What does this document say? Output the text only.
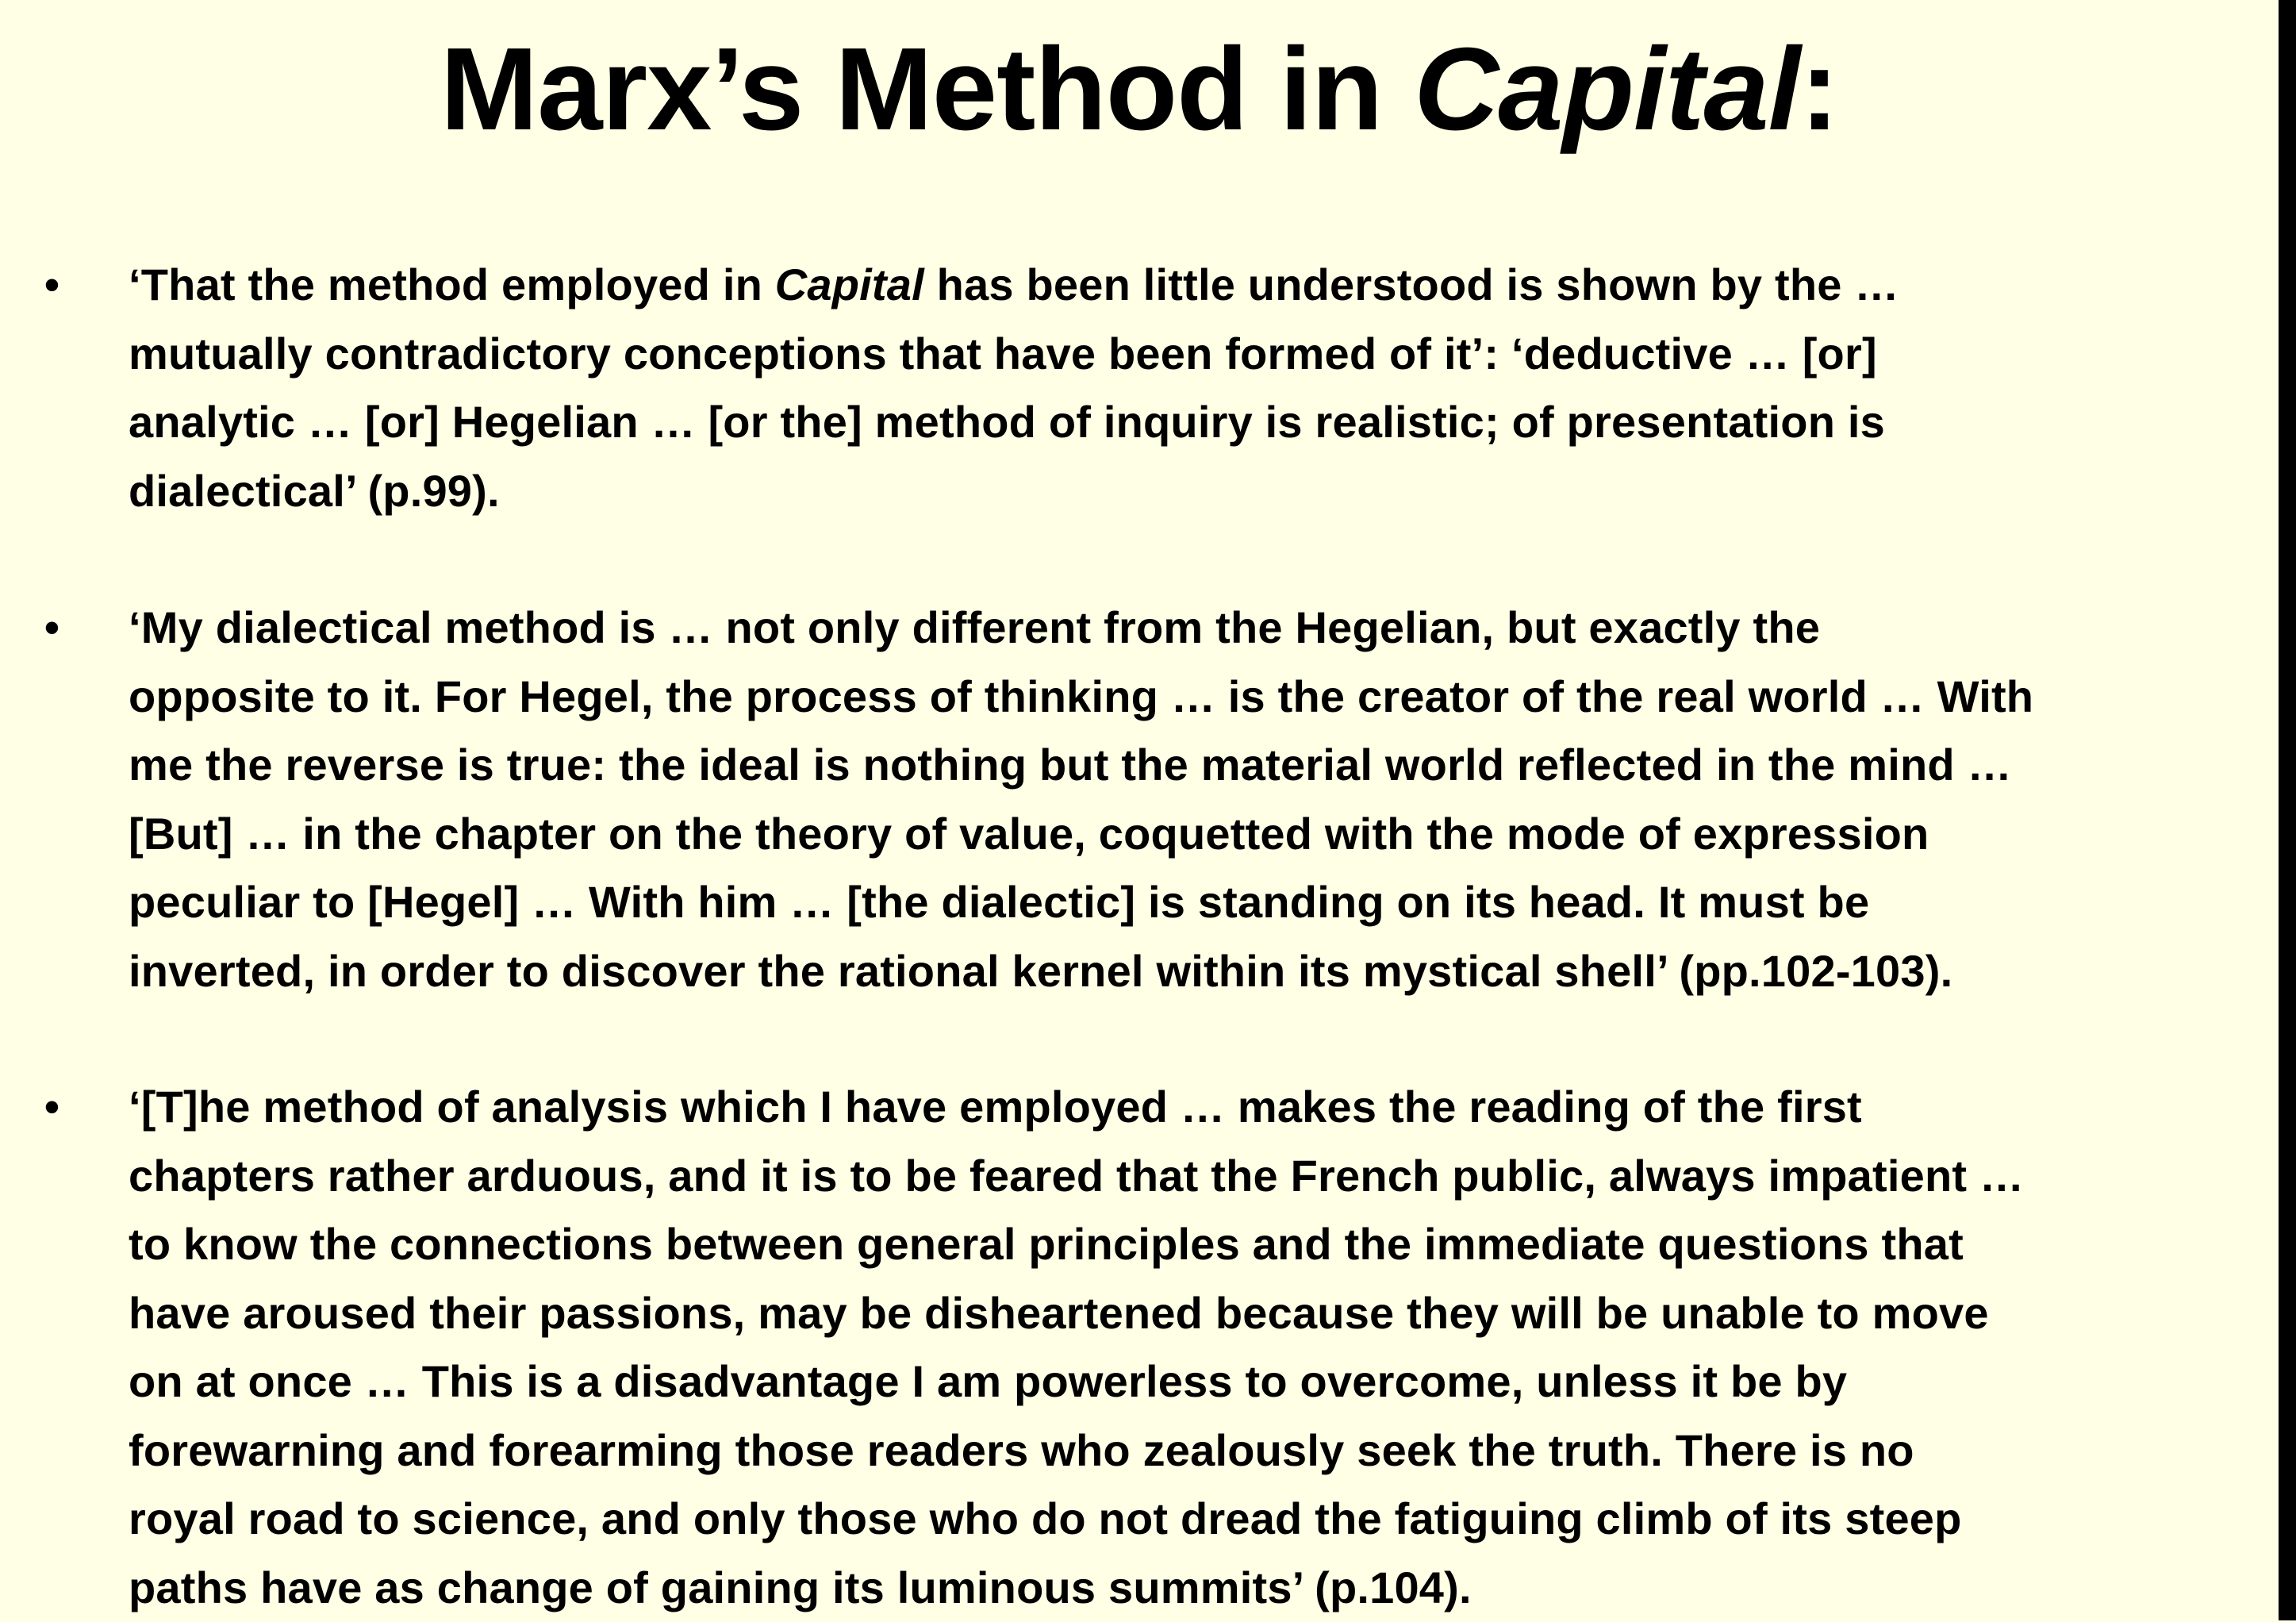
Marx’s Method in Capital:
• ‘That the method employed in Capital has been little understood is shown by the …
mutually contradictory conceptions that have been formed of it’: ‘deductive … [or]
analytic … [or] Hegelian … [or the] method of inquiry is realistic; of presentation is
dialectical’ (p.99).
• ‘My dialectical method is … not only different from the Hegelian, but exactly the
opposite to it. For Hegel, the process of thinking … is the creator of the real world … With
me the reverse is true: the ideal is nothing but the material world reflected in the mind …
[But] … in the chapter on the theory of value, coquetted with the mode of expression
peculiar to [Hegel] … With him … [the dialectic] is standing on its head. It must be
inverted, in order to discover the rational kernel within its mystical shell’ (pp.102-103).
• ‘[T]he method of analysis which I have employed … makes the reading of the first
chapters rather arduous, and it is to be feared that the French public, always impatient …
to know the connections between general principles and the immediate questions that
have aroused their passions, may be disheartened because they will be unable to move
on at once … This is a disadvantage I am powerless to overcome, unless it be by
forewarning and forearming those readers who zealously seek the truth. There is no
royal road to science, and only those who do not dread the fatiguing climb of its steep
paths have as change of gaining its luminous summits’ (p.104).
